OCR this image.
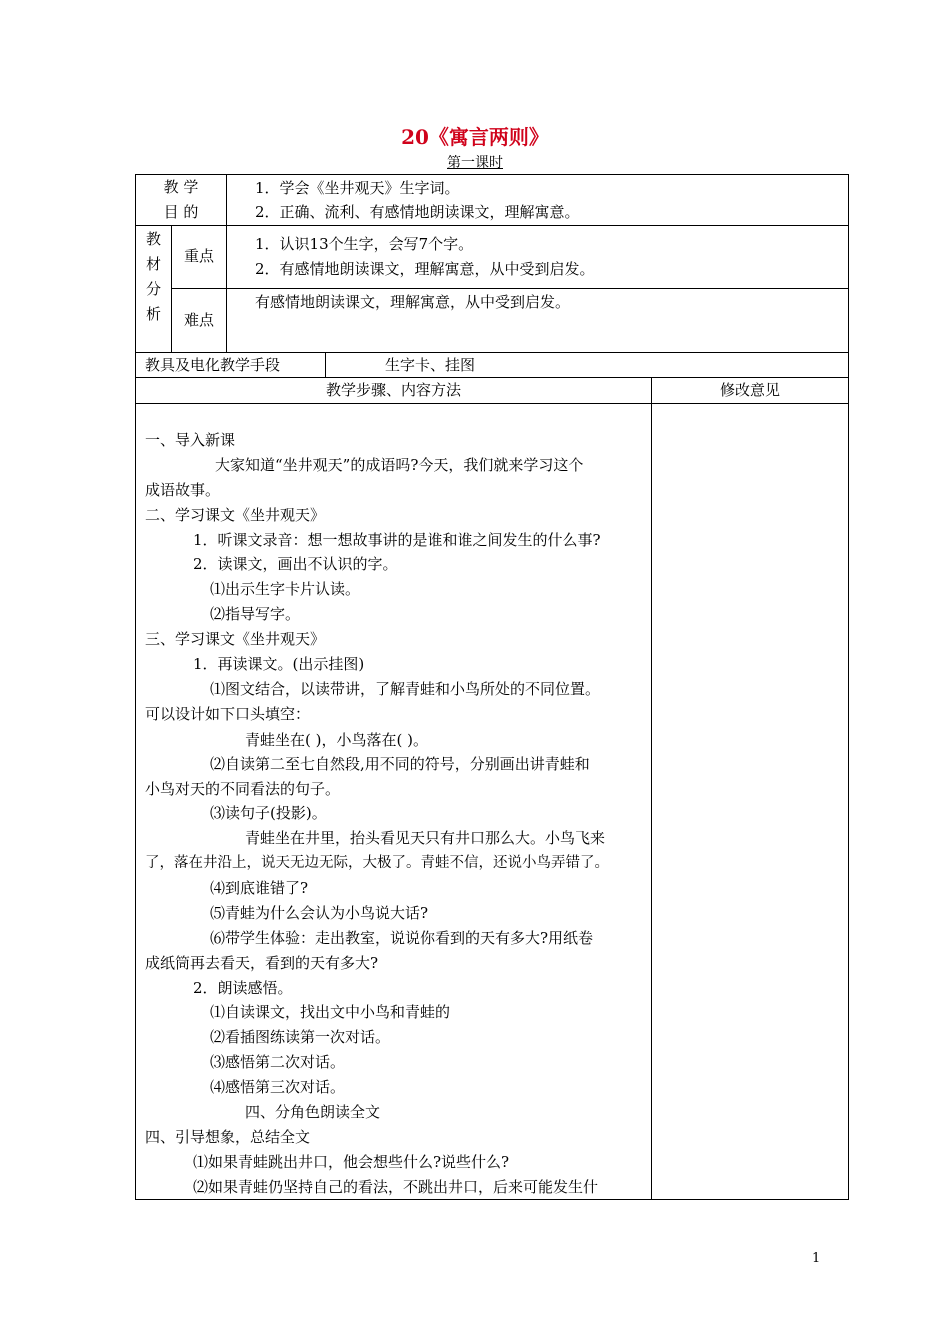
20《寓言两则》
第一课时
教 学
目 的
1．学会《坐井观天》生字词。
2．正确、流利、有感情地朗读课文，理解寓意。
教
材
分
析
重点
1．认识13个生字，会写7个字。
2．有感情地朗读课文，理解寓意，从中受到启发。
难点
有感情地朗读课文，理解寓意，从中受到启发。
教具及电化教学手段	生字卡、挂图
教学步骤、内容方法	修改意见
一、导入新课
大家知道“坐井观天”的成语吗?今天，我们就来学习这个
成语故事。
二、学习课文《坐井观天》
1．听课文录音：想一想故事讲的是谁和谁之间发生的什么事?
2．读课文，画出不认识的字。
⑴出示生字卡片认读。
⑵指导写字。
三、学习课文《坐井观天》
1．再读课文。(出示挂图)
⑴图文结合，以读带讲，了解青蛙和小鸟所处的不同位置。
可以设计如下口头填空：
青蛙坐在( )，小鸟落在( )。
⑵自读第二至七自然段,用不同的符号，分别画出讲青蛙和
小鸟对天的不同看法的句子。
⑶读句子(投影)。
青蛙坐在井里，抬头看见天只有井口那么大。小鸟飞来
了，落在井沿上，说天无边无际，大极了。青蛙不信，还说小鸟弄错了。
⑷到底谁错了?
⑸青蛙为什么会认为小鸟说大话?
⑹带学生体验：走出教室，说说你看到的天有多大?用纸卷
成纸筒再去看天，看到的天有多大?
2．朗读感悟。
⑴自读课文，找出文中小鸟和青蛙的
⑵看插图练读第一次对话。
⑶感悟第二次对话。
⑷感悟第三次对话。
四、分角色朗读全文
四、引导想象，总结全文
⑴如果青蛙跳出井口，他会想些什么?说些什么?
⑵如果青蛙仍坚持自己的看法，不跳出井口，后来可能发生什
1
